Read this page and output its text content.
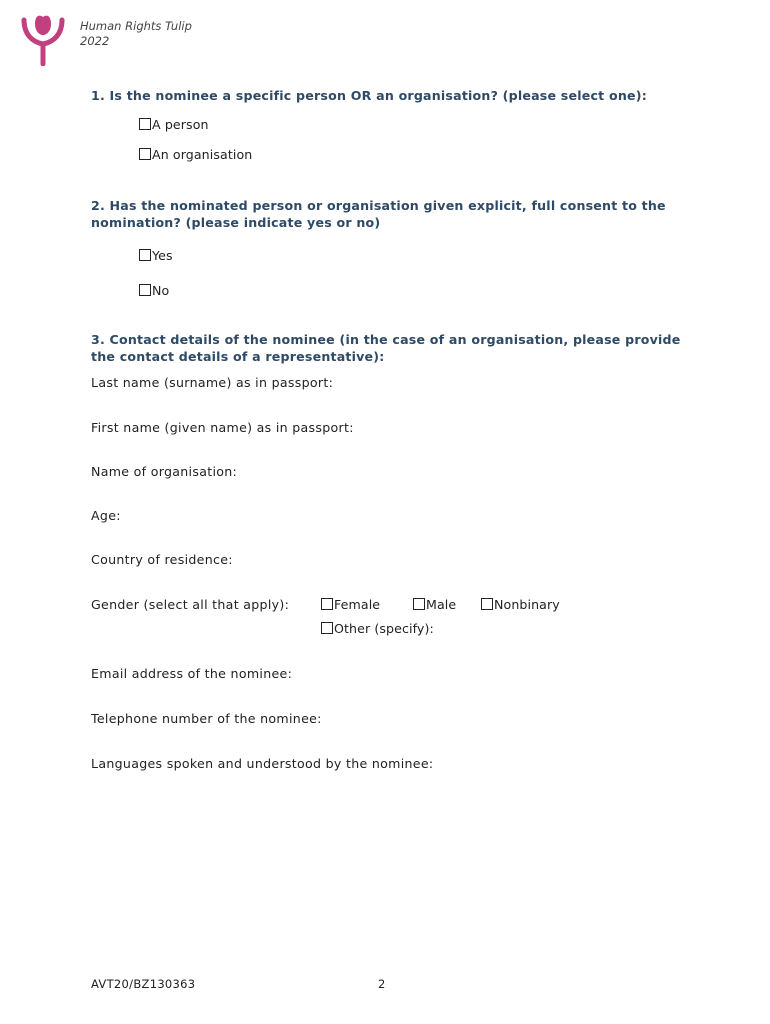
Human Rights Tulip
2022

1. Is the nominee a specific person OR an organisation? (please select one):

A person
An organisation

2. Has the nominated person or organisation given explicit, full consent to the
nomination? (please indicate yes or no)

Yes
No

3. Contact details of the nominee (in the case of an organisation, please provide
the contact details of a representative):

Last name (surname) as in passport:
First name (given name) as in passport:
Name of organisation:
Age:
Country of residence:
Gender (select all that apply):	Female	Male	Nonbinary
Other (specify):
Email address of the nominee:
Telephone number of the nominee:
Languages spoken and understood by the nominee:
AVT20/BZ130363	2
